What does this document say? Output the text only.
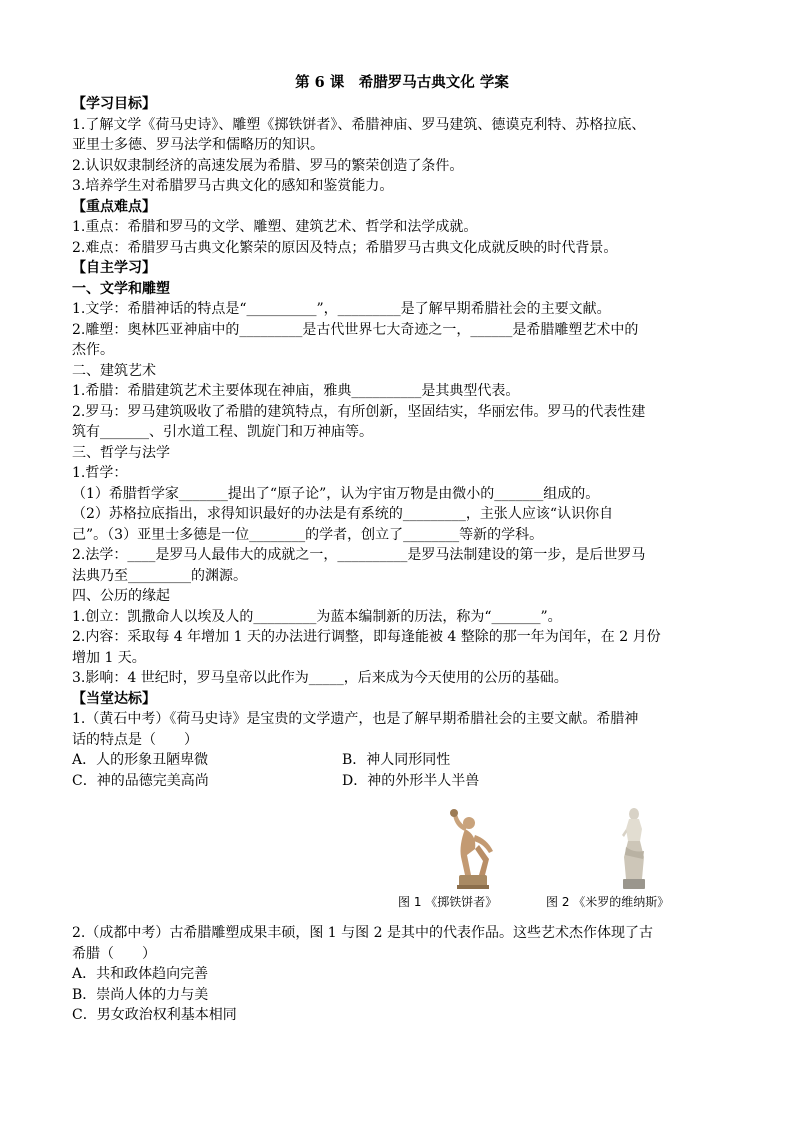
第 6 课　希腊罗马古典文化 学案
【学习目标】
1.了解文学《荷马史诗》、雕塑《掷铁饼者》、希腊神庙、罗马建筑、德谟克利特、苏格拉底、
亚里士多德、罗马法学和儒略历的知识。
2.认识奴隶制经济的高速发展为希腊、罗马的繁荣创造了条件。
3.培养学生对希腊罗马古典文化的感知和鉴赏能力。
【重点难点】
1.重点：希腊和罗马的文学、雕塑、建筑艺术、哲学和法学成就。
2.难点：希腊罗马古典文化繁荣的原因及特点；希腊罗马古典文化成就反映的时代背景。
【自主学习】
一、文学和雕塑
1.文学：希腊神话的特点是“__________”，_________是了解早期希腊社会的主要文献。
2.雕塑：奥林匹亚神庙中的_________是古代世界七大奇迹之一，______是希腊雕塑艺术中的
杰作。
二、建筑艺术
1.希腊：希腊建筑艺术主要体现在神庙，雅典__________是其典型代表。
2.罗马：罗马建筑吸收了希腊的建筑特点，有所创新，坚固结实，华丽宏伟。罗马的代表性建
筑有_______、引水道工程、凯旋门和万神庙等。
三、哲学与法学
1.哲学：
（1）希腊哲学家_______提出了“原子论”，认为宇宙万物是由微小的_______组成的。
（2）苏格拉底指出，求得知识最好的办法是有系统的_________，主张人应该“认识你自
己”。（3）亚里士多德是一位________的学者，创立了________等新的学科。
2.法学：____是罗马人最伟大的成就之一，__________是罗马法制建设的第一步，是后世罗马
法典乃至_________的渊源。
四、公历的缘起
1.创立：凯撒命人以埃及人的_________为蓝本编制新的历法，称为“_______”。
2.内容：采取每 4 年增加 1 天的办法进行调整，即每逢能被 4 整除的那一年为闰年，在 2 月份
增加 1 天。
3.影响：4 世纪时，罗马皇帝以此作为_____，后来成为今天使用的公历的基础。
【当堂达标】
1.（黄石中考）《荷马史诗》是宝贵的文学遗产，也是了解早期希腊社会的主要文献。希腊神
话的特点是（　　）
A．人的形象丑陋卑微	B．神人同形同性
C．神的品德完美高尚	D．神的外形半人半兽
图 1 《掷铁饼者》	图 2 《米罗的维纳斯》
2.（成都中考）古希腊雕塑成果丰硕，图 1 与图 2 是其中的代表作品。这些艺术杰作体现了古
希腊（　　）
A．共和政体趋向完善
B．崇尚人体的力与美
C．男女政治权利基本相同
